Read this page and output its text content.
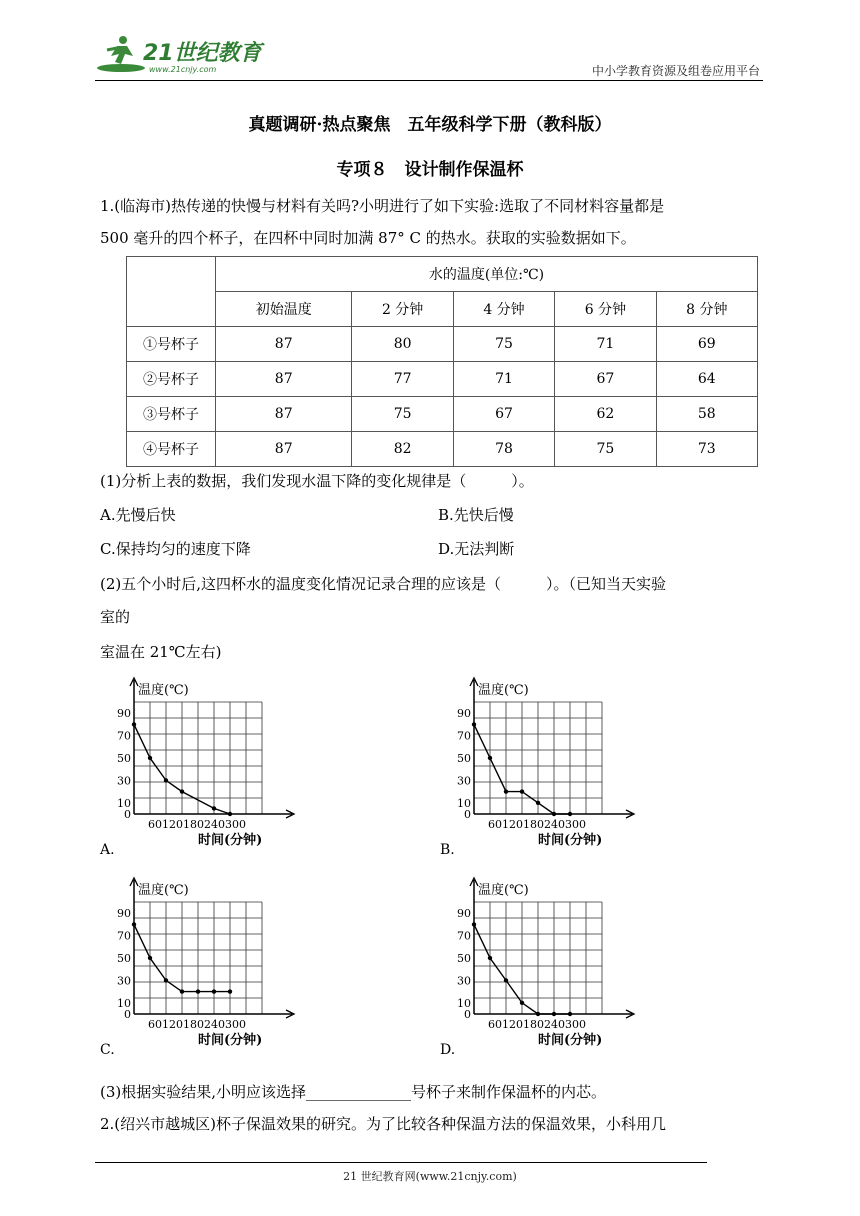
21世纪教育
www.21cnjy.com	中小学教育资源及组卷应用平台
真题调研·热点聚焦　五年级科学下册（教科版）
专项８　设计制作保温杯
1.(临海市)热传递的快慢与材料有关吗?小明进行了如下实验:选取了不同材料容量都是
500 毫升的四个杯子，在四杯中同时加满 87° C 的热水。获取的实验数据如下。
	水的温度(单位:℃)				
	初始温度	2 分钟	4 分钟	6 分钟	8 分钟
①号杯子	87	80	75	71	69
②号杯子	87	77	71	67	64
③号杯子	87	75	67	62	58
④号杯子	87	82	78	75	73
(1)分析上表的数据，我们发现水温下降的变化规律是（　　　）。
A.先慢后快	B.先快后慢
C.保持均匀的速度下降	D.无法判断
(2)五个小时后,这四杯水的温度变化情况记录合理的应该是（　　　）。（已知当天实验
室的
室温在 21℃左右)
温度(℃)
90
70
50
30
10
0
60120180240300
时间(分钟)
A.
温度(℃)
90
70
50
30
10
0
60120180240300
时间(分钟)
B.
温度(℃)
90
70
50
30
10
0
60120180240300
时间(分钟)
C.
温度(℃)
90
70
50
30
10
0
60120180240300
时间(分钟)
D.
(3)根据实验结果,小明应该选择______________号杯子来制作保温杯的内芯。
2.(绍兴市越城区)杯子保温效果的研究。为了比较各种保温方法的保温效果，小科用几
21 世纪教育网(www.21cnjy.com)
